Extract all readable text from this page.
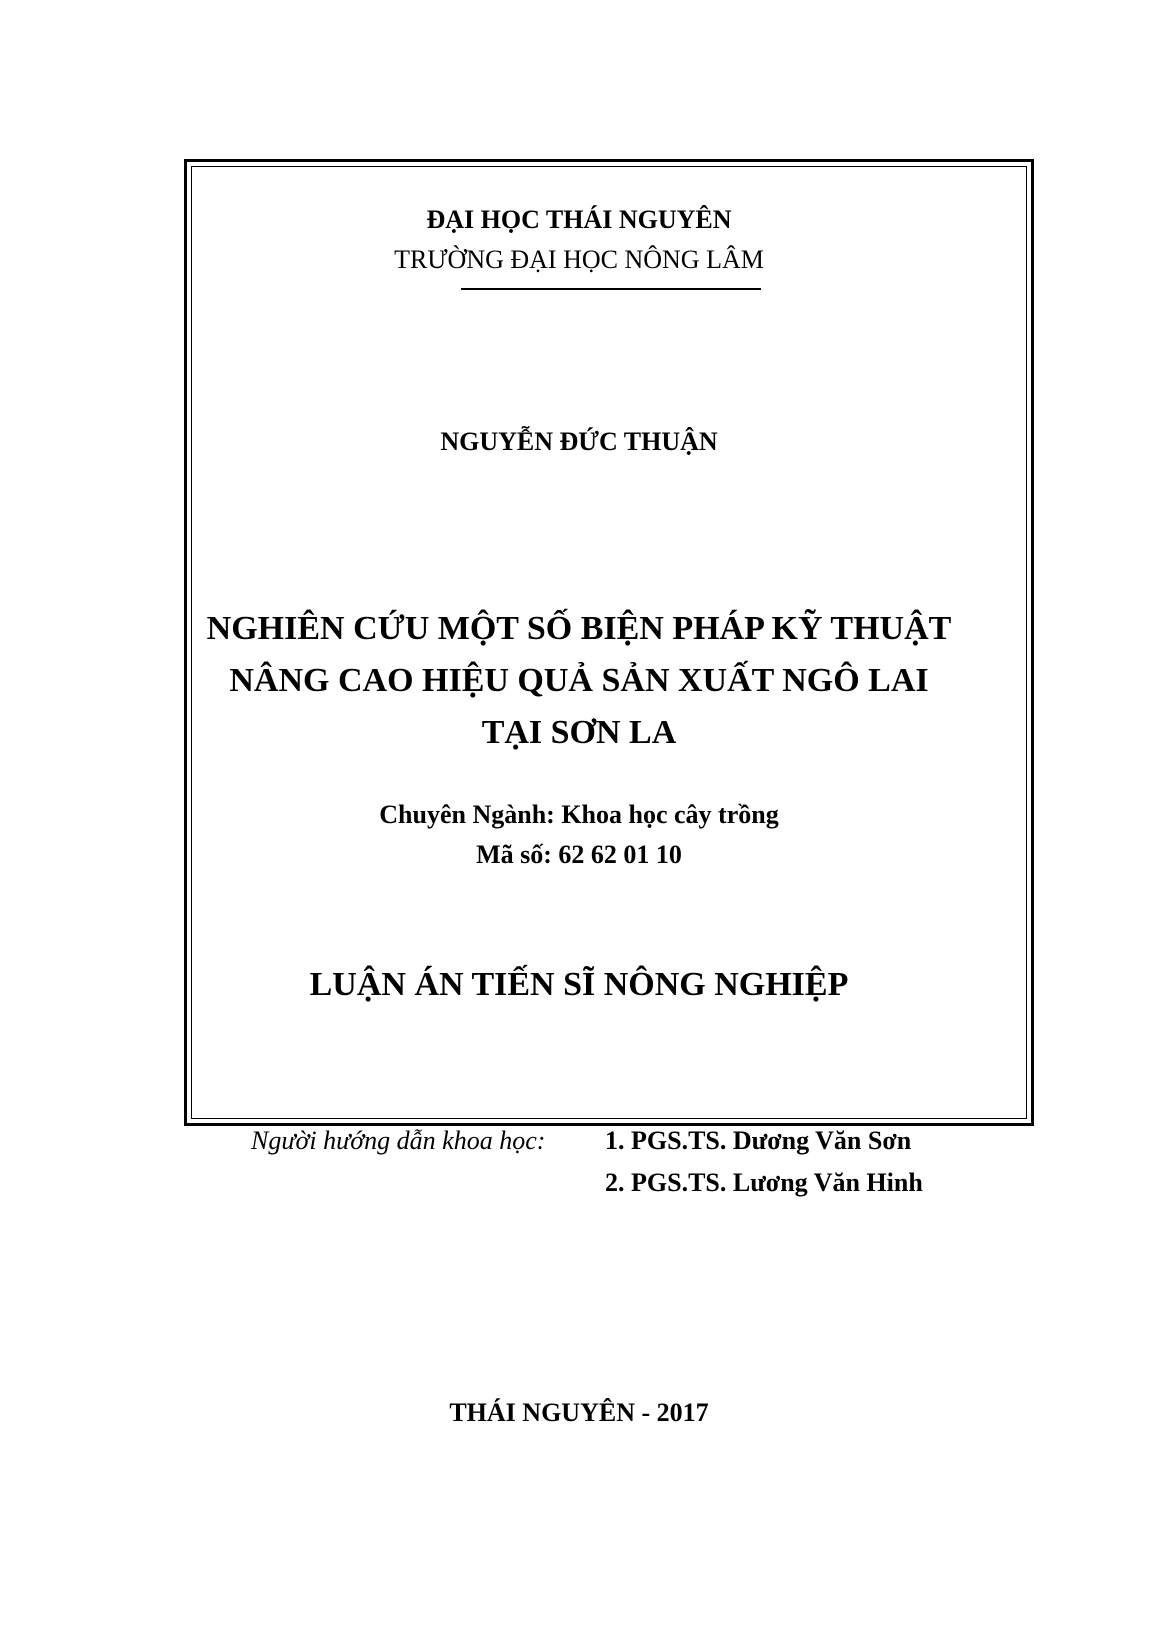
ĐẠI HỌC THÁI NGUYÊN
TRƯỜNG ĐẠI HỌC NÔNG LÂM
NGUYỄN ĐỨC THUẬN
NGHIÊN CỨU MỘT SỐ BIỆN PHÁP KỸ THUẬT
NÂNG CAO HIỆU QUẢ SẢN XUẤT NGÔ LAI
TẠI SƠN LA
Chuyên Ngành: Khoa học cây trồng
Mã số: 62 62 01 10
LUẬN ÁN TIẾN SĨ NÔNG NGHIỆP
Người hướng dẫn khoa học: 1. PGS.TS. Dương Văn Sơn
2. PGS.TS. Lương Văn Hinh
THÁI NGUYÊN - 2017
